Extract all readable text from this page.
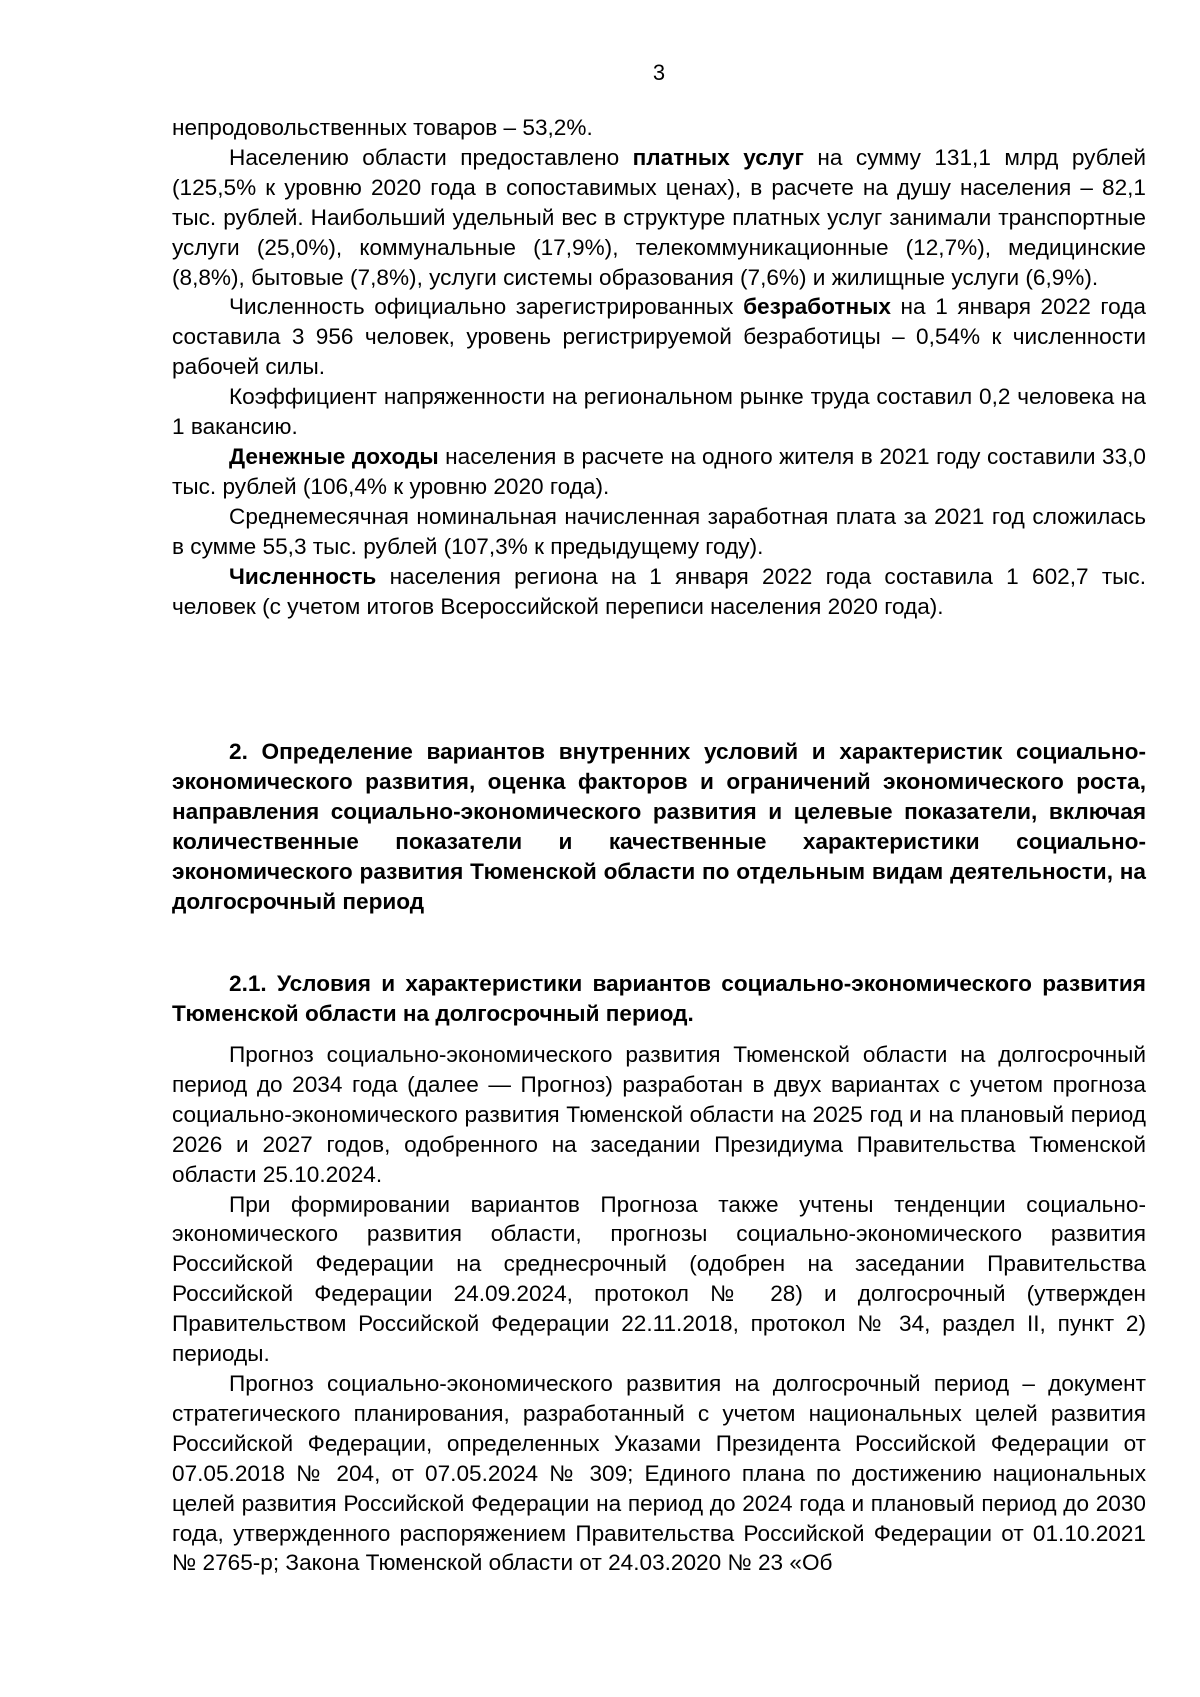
3

непродовольственных товаров – 53,2%.

Населению области предоставлено платных услуг на сумму 131,1 млрд рублей (125,5% к уровню 2020 года в сопоставимых ценах), в расчете на душу населения – 82,1 тыс. рублей. Наибольший удельный вес в структуре платных услуг занимали транспортные услуги (25,0%), коммунальные (17,9%), телекоммуникационные (12,7%), медицинские (8,8%), бытовые (7,8%), услуги системы образования (7,6%) и жилищные услуги (6,9%).

Численность официально зарегистрированных безработных на 1 января 2022 года составила 3 956 человек, уровень регистрируемой безработицы – 0,54% к численности рабочей силы.

Коэффициент напряженности на региональном рынке труда составил 0,2 человека на 1 вакансию.

Денежные доходы населения в расчете на одного жителя в 2021 году составили 33,0 тыс. рублей (106,4% к уровню 2020 года).

Среднемесячная номинальная начисленная заработная плата за 2021 год сложилась в сумме 55,3 тыс. рублей (107,3% к предыдущему году).

Численность населения региона на 1 января 2022 года составила 1 602,7 тыс. человек (с учетом итогов Всероссийской переписи населения 2020 года).

2. Определение вариантов внутренних условий и характеристик социально-экономического развития, оценка факторов и ограничений экономического роста, направления социально-экономического развития и целевые показатели, включая количественные показатели и качественные характеристики социально-экономического развития Тюменской области по отдельным видам деятельности, на долгосрочный период

2.1. Условия и характеристики вариантов социально-экономического развития Тюменской области на долгосрочный период.

Прогноз социально-экономического развития Тюменской области на долгосрочный период до 2034 года (далее — Прогноз) разработан в двух вариантах с учетом прогноза социально-экономического развития Тюменской области на 2025 год и на плановый период 2026 и 2027 годов, одобренного на заседании Президиума Правительства Тюменской области 25.10.2024.

При формировании вариантов Прогноза также учтены тенденции социально-экономического развития области, прогнозы социально-экономического развития Российской Федерации на среднесрочный (одобрен на заседании Правительства Российской Федерации 24.09.2024, протокол № 28) и долгосрочный (утвержден Правительством Российской Федерации 22.11.2018, протокол № 34, раздел II, пункт 2) периоды.

Прогноз социально-экономического развития на долгосрочный период – документ стратегического планирования, разработанный с учетом национальных целей развития Российской Федерации, определенных Указами Президента Российской Федерации от 07.05.2018 № 204, от 07.05.2024 № 309; Единого плана по достижению национальных целей развития Российской Федерации на период до 2024 года и плановый период до 2030 года, утвержденного распоряжением Правительства Российской Федерации от 01.10.2021 № 2765-р; Закона Тюменской области от 24.03.2020 № 23 «Об
